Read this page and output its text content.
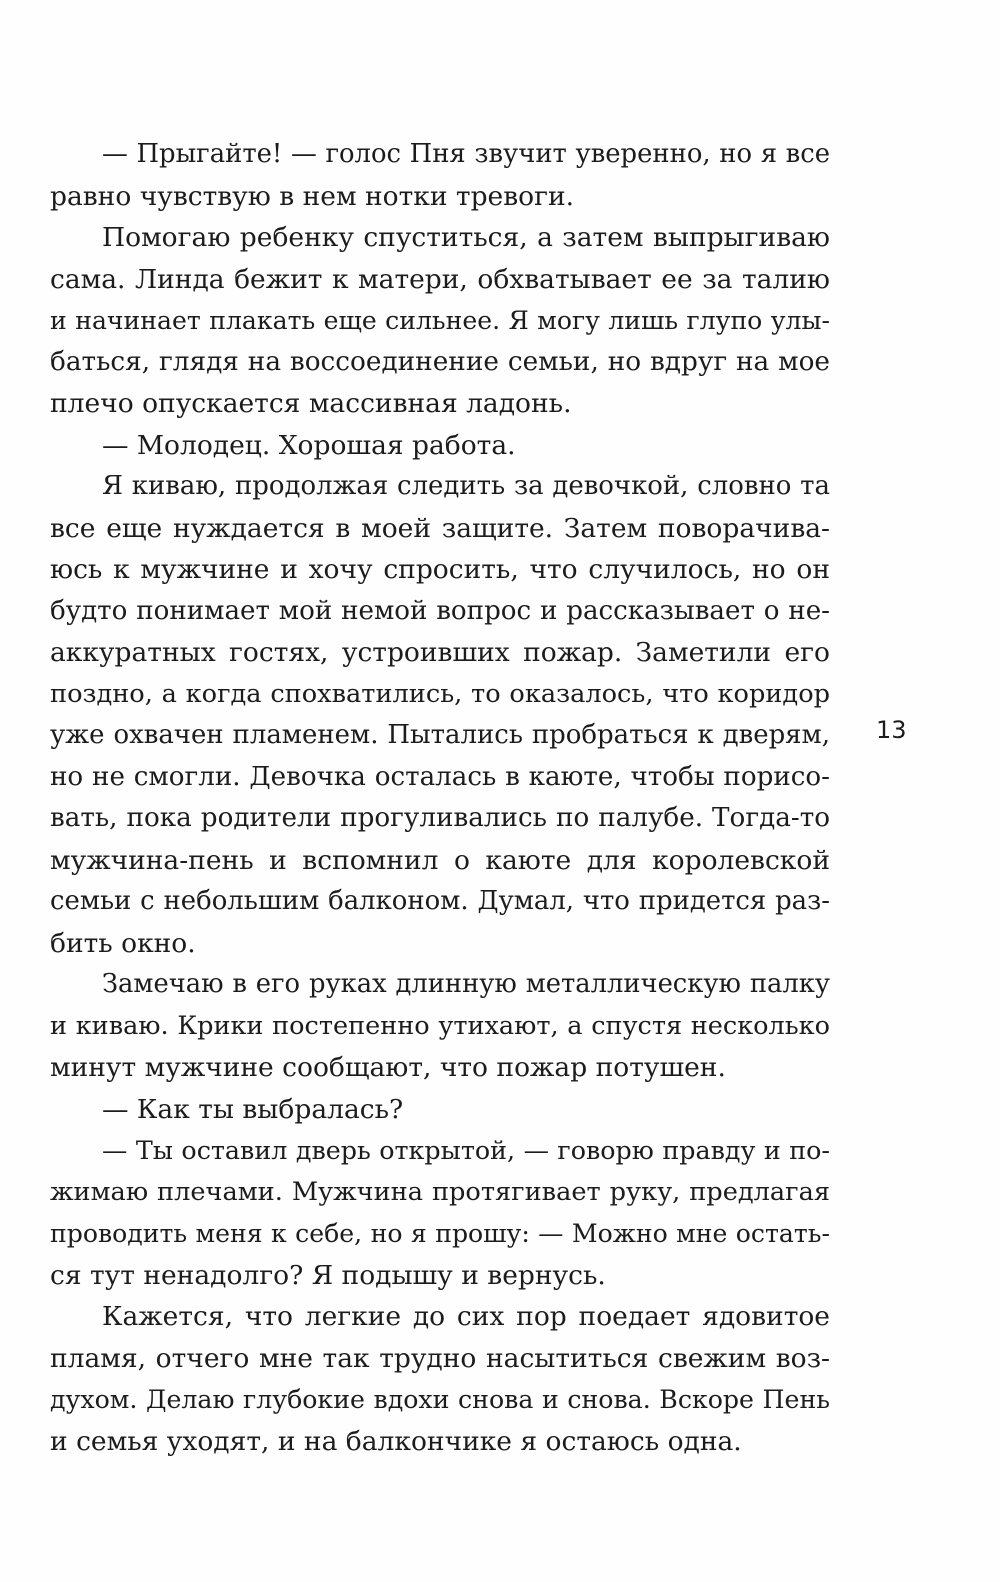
— Прыгайте! — голос Пня звучит уверенно, но я все
равно чувствую в нем нотки тревоги.
Помогаю ребенку спуститься, а затем выпрыгиваю
сама. Линда бежит к матери, обхватывает ее за талию
и начинает плакать еще сильнее. Я могу лишь глупо улы-
баться, глядя на воссоединение семьи, но вдруг на мое
плечо опускается массивная ладонь.
— Молодец. Хорошая работа.
Я киваю, продолжая следить за девочкой, словно та
все еще нуждается в моей защите. Затем поворачива-
юсь к мужчине и хочу спросить, что случилось, но он
будто понимает мой немой вопрос и рассказывает о не-
аккуратных гостях, устроивших пожар. Заметили его
поздно, а когда спохватились, то оказалось, что коридор
уже охвачен пламенем. Пытались пробраться к дверям,
но не смогли. Девочка осталась в каюте, чтобы порисо-
вать, пока родители прогуливались по палубе. Тогда-то
мужчина-пень и вспомнил о каюте для королевской
семьи с небольшим балконом. Думал, что придется раз-
бить окно.
Замечаю в его руках длинную металлическую палку
и киваю. Крики постепенно утихают, а спустя несколько
минут мужчине сообщают, что пожар потушен.
— Как ты выбралась?
— Ты оставил дверь открытой, — говорю правду и по-
жимаю плечами. Мужчина протягивает руку, предлагая
проводить меня к себе, но я прошу: — Можно мне остать-
ся тут ненадолго? Я подышу и вернусь.
Кажется, что легкие до сих пор поедает ядовитое
пламя, отчего мне так трудно насытиться свежим воз-
духом. Делаю глубокие вдохи снова и снова. Вскоре Пень
и семья уходят, и на балкончике я остаюсь одна.
13
